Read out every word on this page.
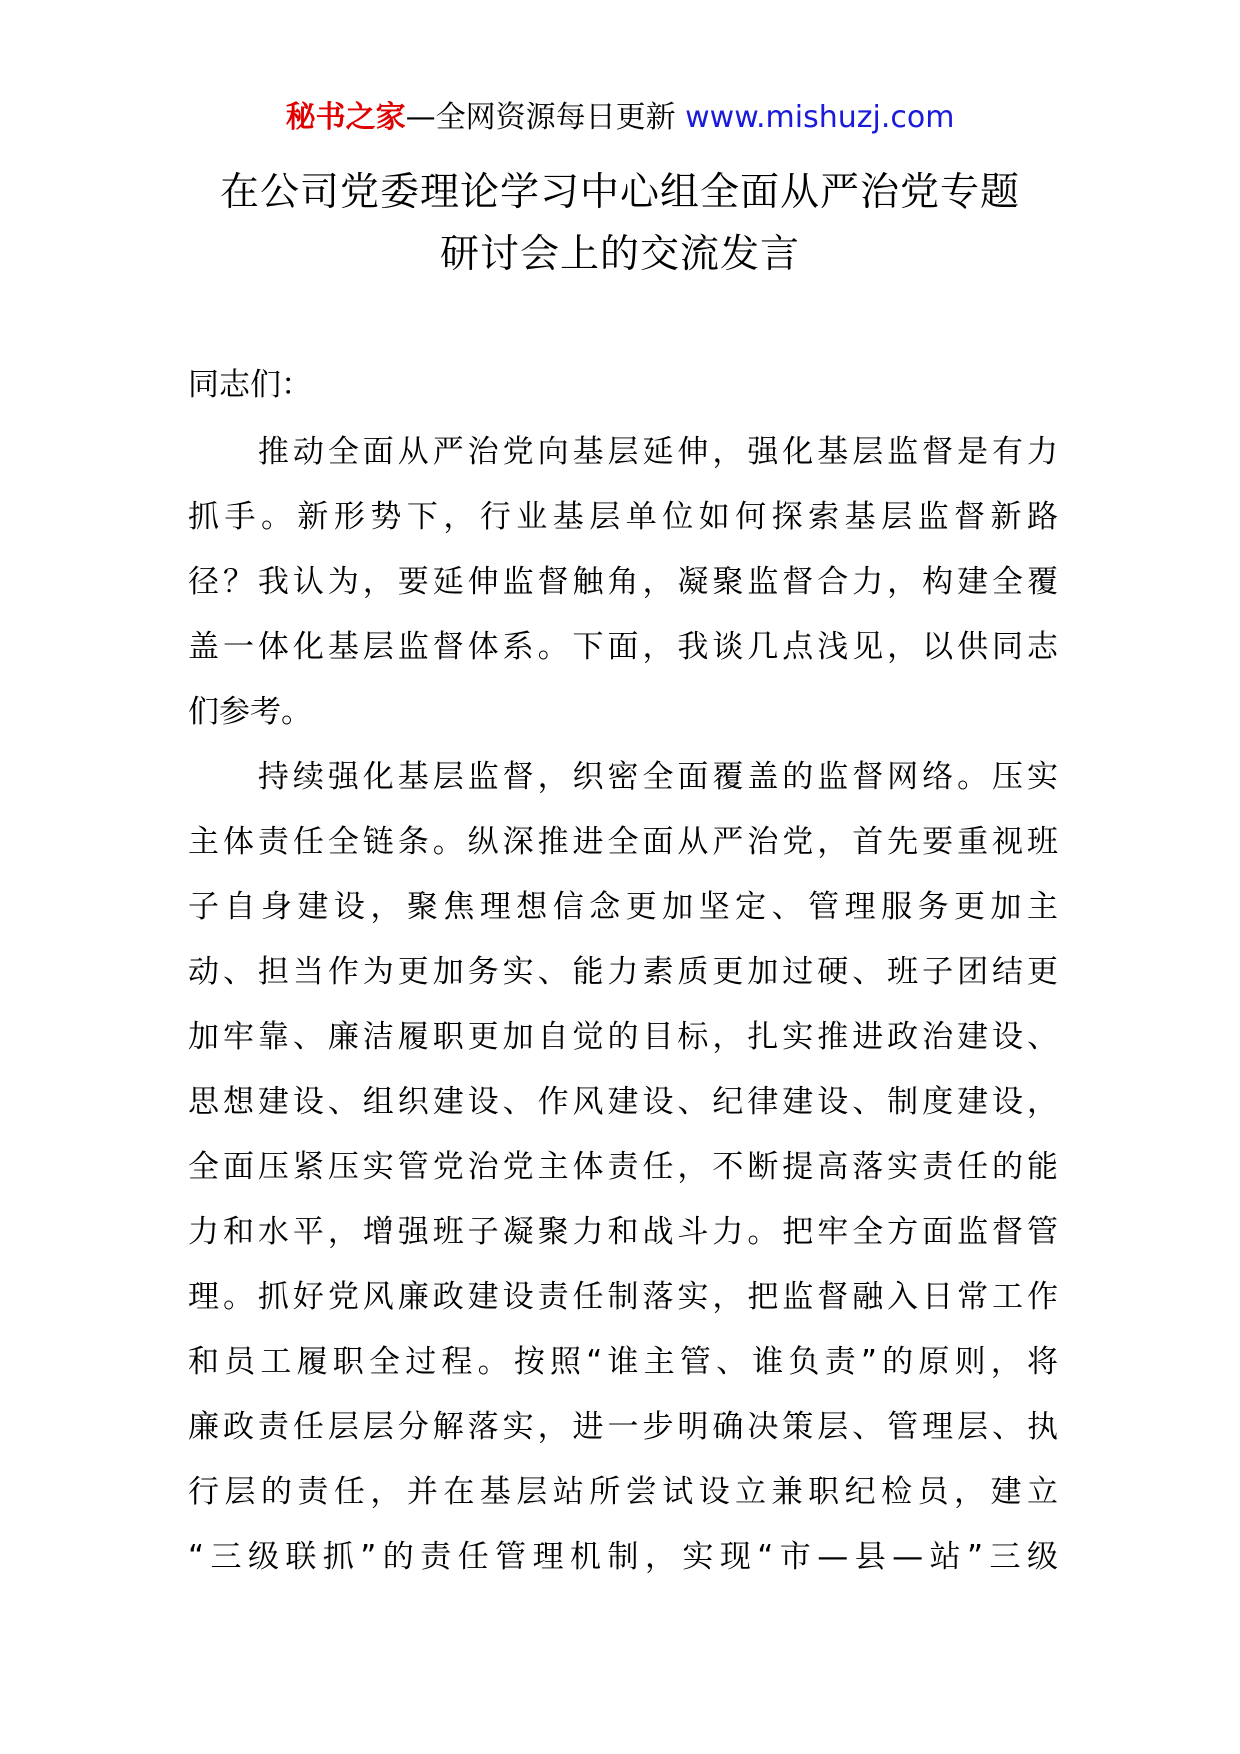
秘书之家—全网资源每日更新 www.mishuzj.com
在公司党委理论学习中心组全面从严治党专题
研讨会上的交流发言
同志们：
　　推动全面从严治党向基层延伸，强化基层监督是有力
抓手。新形势下，行业基层单位如何探索基层监督新路
径？我认为，要延伸监督触角，凝聚监督合力，构建全覆
盖一体化基层监督体系。下面，我谈几点浅见，以供同志
们参考。
　　持续强化基层监督，织密全面覆盖的监督网络。压实
主体责任全链条。纵深推进全面从严治党，首先要重视班
子自身建设，聚焦理想信念更加坚定、管理服务更加主
动、担当作为更加务实、能力素质更加过硬、班子团结更
加牢靠、廉洁履职更加自觉的目标，扎实推进政治建设、
思想建设、组织建设、作风建设、纪律建设、制度建设，
全面压紧压实管党治党主体责任，不断提高落实责任的能
力和水平，增强班子凝聚力和战斗力。把牢全方面监督管
理。抓好党风廉政建设责任制落实，把监督融入日常工作
和员工履职全过程。按照“谁主管、谁负责”的原则，将
廉政责任层层分解落实，进一步明确决策层、管理层、执
行层的责任，并在基层站所尝试设立兼职纪检员，建立
“三级联抓”的责任管理机制，实现“市—县—站”三级
